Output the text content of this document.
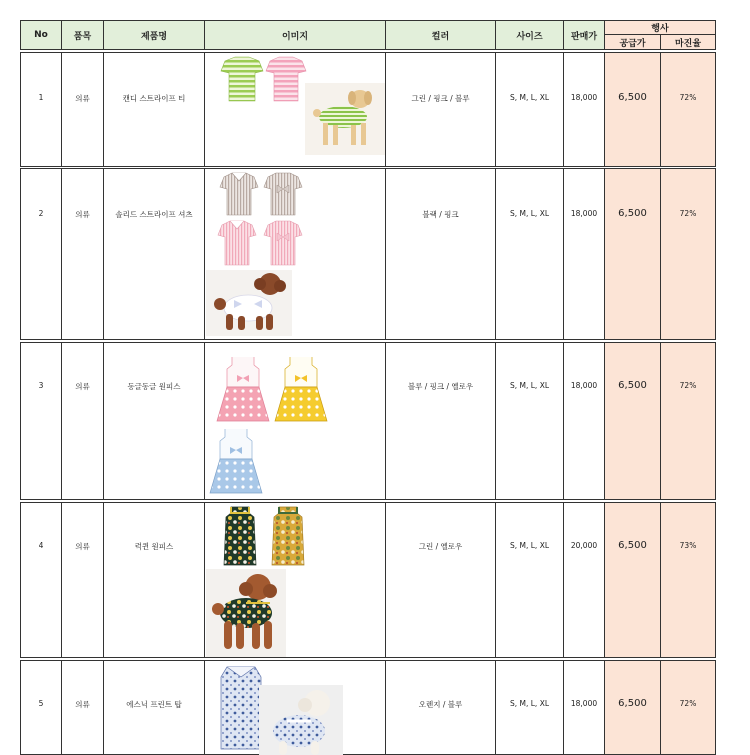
No	품목	제품명	이미지	컬러	사이즈	판매가
행사
공급가	마진율
1	의류	캔디 스트라이프 티	그린 / 핑크 / 블루	S, M, L, XL	18,000	6,500	72%
2	의류	솔리드 스트라이프 셔츠	블랙 / 핑크	S, M, L, XL	18,000	6,500	72%
3	의류	동글동글 원피스	블루 / 핑크 / 옐로우	S, M, L, XL	18,000	6,500	72%
4	의류	럭퀸 원피스	그린 / 옐로우	S, M, L, XL	20,000	6,500	73%
5	의류	에스닉 프린트 탑	오렌지 / 블루	S, M, L, XL	18,000	6,500	72%
